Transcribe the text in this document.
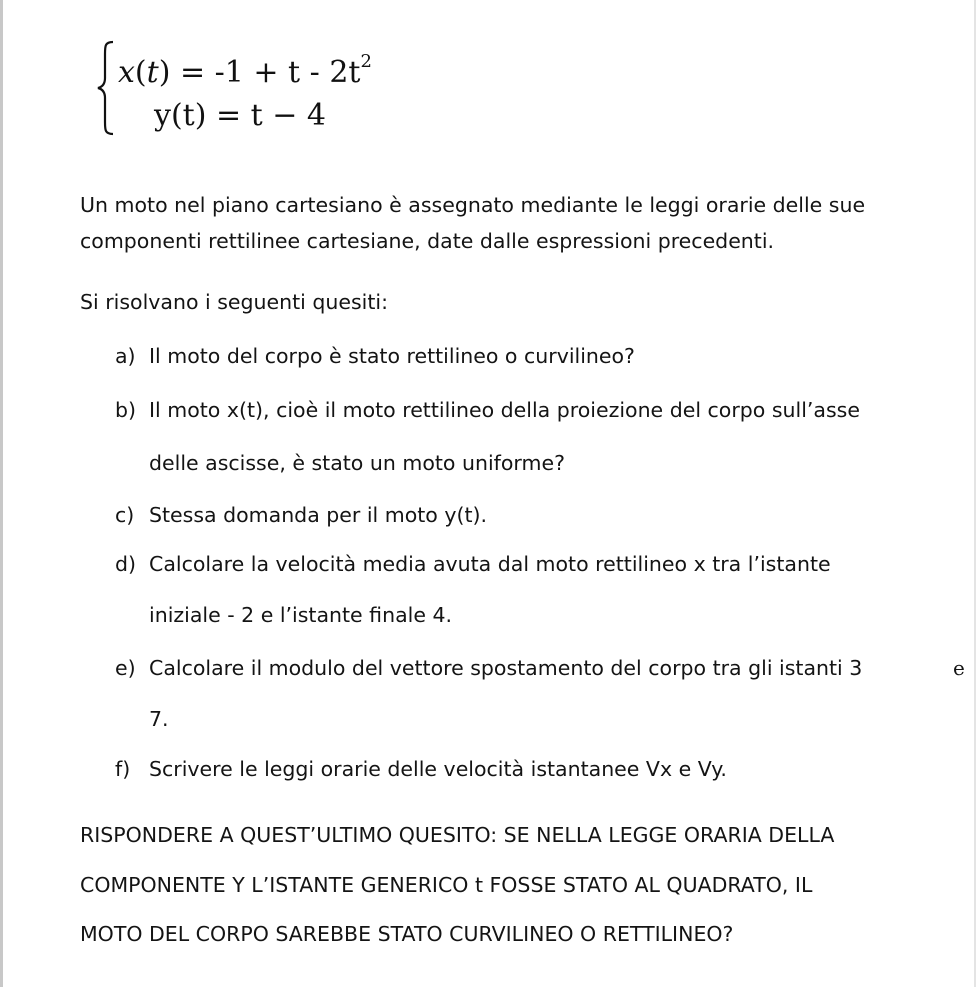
$x(t) = -1 + t - 2t^2$
y(t) = t − 4
Un moto nel piano cartesiano è assegnato mediante le leggi orarie delle sue
componenti rettilinee cartesiane, date dalle espressioni precedenti.
Si risolvano i seguenti quesiti:
a) Il moto del corpo è stato rettilineo o curvilineo?
b) Il moto x(t), cioè il moto rettilineo della proiezione del corpo sull’asse
delle ascisse, è stato un moto uniforme?
c) Stessa domanda per il moto y(t).
d) Calcolare la velocità media avuta dal moto rettilineo x tra l’istante
iniziale - 2 e l’istante finale 4.
e) Calcolare il modulo del vettore spostamento del corpo tra gli istanti 3	e
7.
f) Scrivere le leggi orarie delle velocità istantanee Vx e Vy.
RISPONDERE A QUEST’ULTIMO QUESITO: SE NELLA LEGGE ORARIA DELLA
COMPONENTE Y L’ISTANTE GENERICO t FOSSE STATO AL QUADRATO, IL
MOTO DEL CORPO SAREBBE STATO CURVILINEO O RETTILINEO?
